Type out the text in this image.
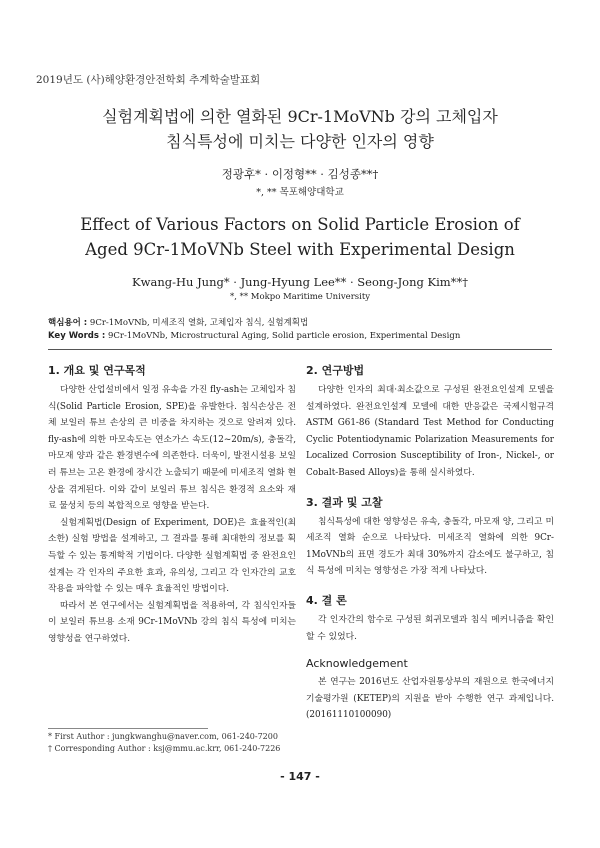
2019년도 (사)해양환경안전학회 추계학술발표회
실험계획법에 의한 열화된 9Cr-1MoVNb 강의 고체입자
침식특성에 미치는 다양한 인자의 영향
정광후* · 이정형** · 김성종**†
*, ** 목포해양대학교
Effect of Various Factors on Solid Particle Erosion of
Aged 9Cr-1MoVNb Steel with Experimental Design
Kwang-Hu Jung* · Jung-Hyung Lee** · Seong-Jong Kim**†
*, ** Mokpo Maritime University
핵심용어 : 9Cr-1MoVNb, 미세조직 열화, 고체입자 침식, 실험계획법
Key Words : 9Cr-1MoVNb, Microstructural Aging, Solid particle erosion, Experimental Design
1. 개요 및 연구목적

다양한 산업설비에서 일정 유속을 가진 fly-ash는 고체입자 침식(Solid Particle Erosion, SPE)을 유발한다. 침식손상은 전체 보일러 튜브 손상의 큰 비중을 차지하는 것으로 알려져 있다. fly-ash에 의한 마모속도는 연소가스 속도(12~20m/s), 충돌각, 마모재 양과 같은 환경변수에 의존한다. 더욱이, 발전시설용 보일러 튜브는 고온 환경에 장시간 노출되기 때문에 미세조직 열화 현상을 겪게된다. 이와 같이 보일러 튜브 침식은 환경적 요소와 재료 물성치 등의 복합적으로 영향을 받는다.

실험계획법(Design of Experiment, DOE)은 효율적인(최소한) 실험 방법을 설계하고, 그 결과를 통해 최대한의 정보를 획득할 수 있는 통계학적 기법이다. 다양한 실험계획법 중 완전요인설계는 각 인자의 주요한 효과, 유의성, 그리고 각 인자간의 교호작용을 파악할 수 있는 매우 효율적인 방법이다.

따라서 본 연구에서는 실험계획법을 적용하여, 각 침식인자들이 보일러 튜브용 소재 9Cr-1MoVNb 강의 침식 특성에 미치는 영향성을 연구하였다.

2. 연구방법

다양한 인자의 최대·최소값으로 구성된 완전요인설계 모델을 설계하였다. 완전요인설계 모델에 대한 반응값은 국제시험규격 ASTM G61-86 (Standard Test Method for Conducting Cyclic Potentiodynamic Polarization Measurements for Localized Corrosion Susceptibility of Iron-, Nickel-, or Cobalt-Based Alloys)을 통해 실시하였다.

3. 결과 및 고찰

침식특성에 대한 영향성은 유속, 충돌각, 마모재 양, 그리고 미세조직 열화 순으로 나타났다. 미세조직 열화에 의한 9Cr-1MoVNb의 표면 경도가 최대 30%까지 감소에도 불구하고, 침식 특성에 미치는 영향성은 가장 적게 나타났다.

4. 결 론

각 인자간의 함수로 구성된 회귀모델과 침식 메커니즘을 확인할 수 있었다.

Acknowledgement

본 연구는 2016년도 산업자원통상부의 재원으로 한국에너지기술평가원 (KETEP)의 지원을 받아 수행한 연구 과제입니다. (20161110100090)

* First Author : jungkwanghu@naver.com, 061-240-7200
† Corresponding Author : ksj@mmu.ac.krr, 061-240-7226
- 147 -
